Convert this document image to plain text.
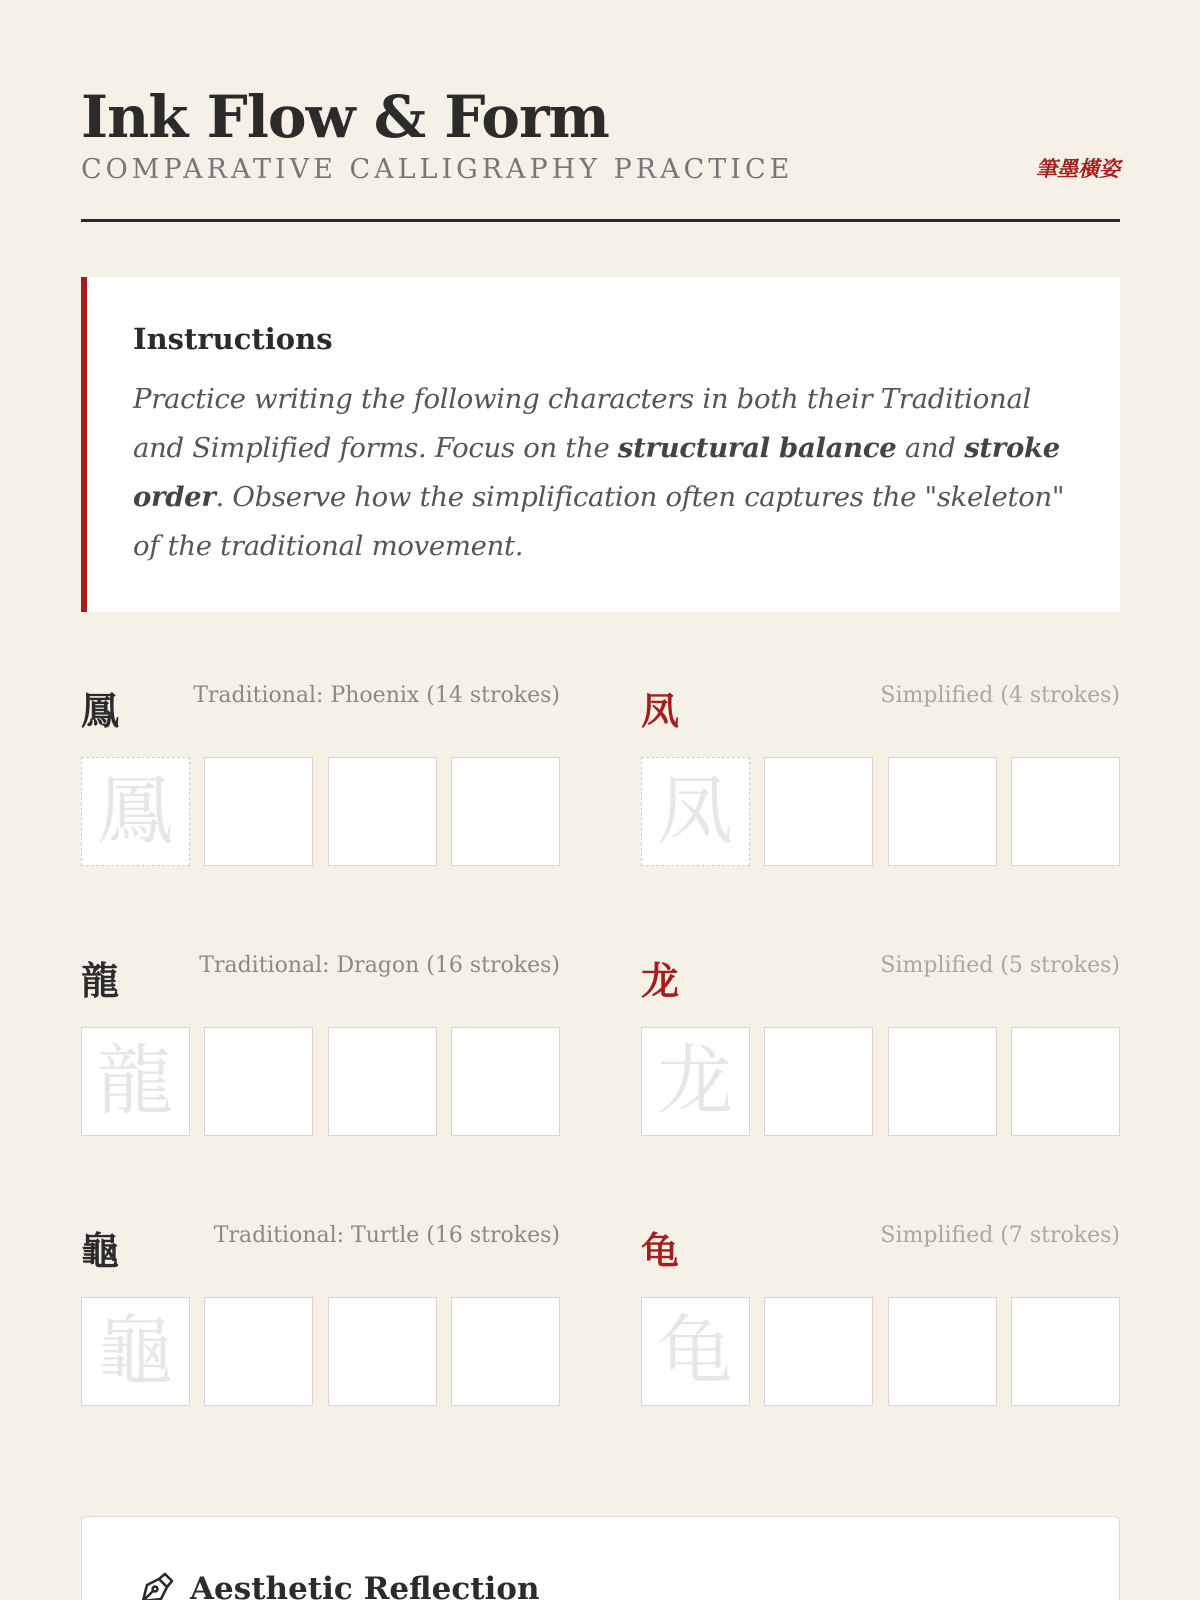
Ink Flow & Form
COMPARATIVE CALLIGRAPHY PRACTICE	筆墨橫姿
Instructions
Practice writing the following characters in both their Traditional and Simplified forms. Focus on the structural balance and stroke order. Observe how the simplification often captures the "skeleton" of the traditional movement.
鳳	Traditional: Phoenix (14 strokes)
鳳
凤	Simplified (4 strokes)
凤
龍	Traditional: Dragon (16 strokes)
龍
龙	Simplified (5 strokes)
龙
龜	Traditional: Turtle (16 strokes)
龜
龟	Simplified (7 strokes)
龟
Aesthetic Reflection
